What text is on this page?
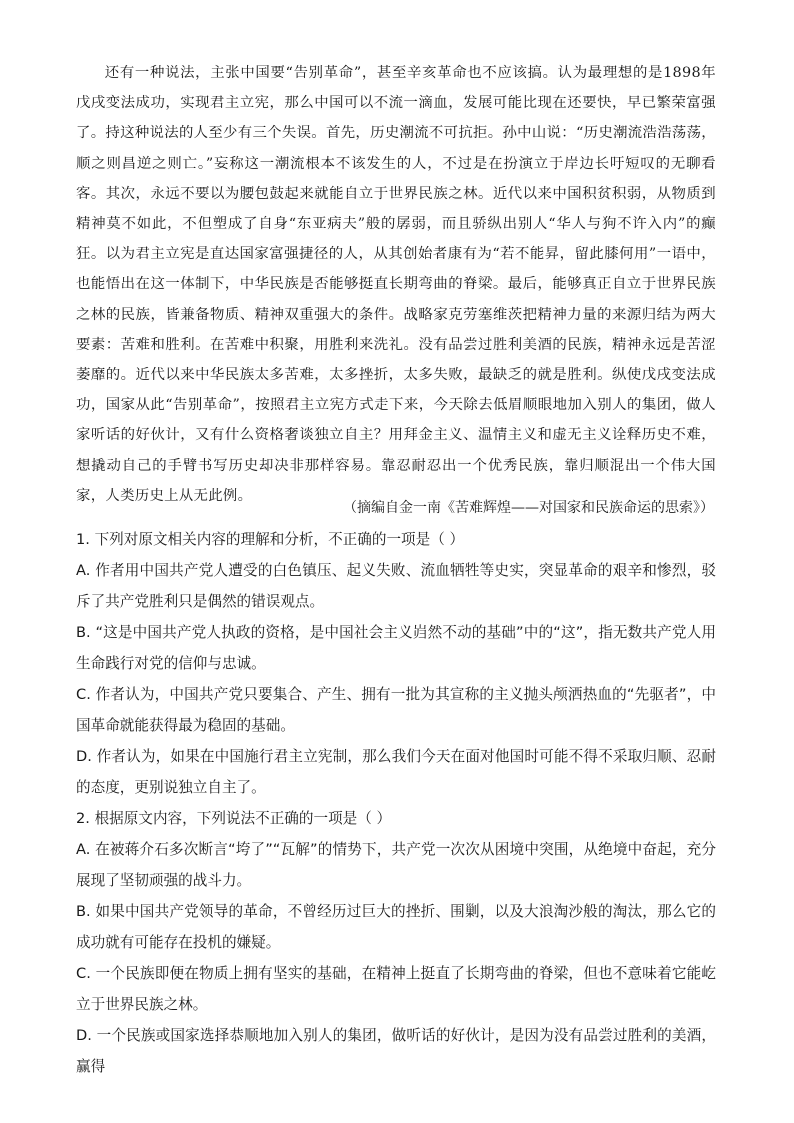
还有一种说法，主张中国要“告别革命”，甚至辛亥革命也不应该搞。认为最理想的是1898年戊戌变法成功，实现君主立宪，那么中国可以不流一滴血，发展可能比现在还要快，早已繁荣富强了。持这种说法的人至少有三个失误。首先，历史潮流不可抗拒。孙中山说：“历史潮流浩浩荡荡，顺之则昌逆之则亡。”妄称这一潮流根本不该发生的人，不过是在扮演立于岸边长吁短叹的无聊看客。其次，永远不要以为腰包鼓起来就能自立于世界民族之林。近代以来中国积贫积弱，从物质到精神莫不如此，不但塑成了自身“东亚病夫”般的孱弱，而且骄纵出别人“华人与狗不许入内”的癫狂。以为君主立宪是直达国家富强捷径的人，从其创始者康有为“若不能昇，留此膝何用”一语中，也能悟出在这一体制下，中华民族是否能够挺直长期弯曲的脊梁。最后，能够真正自立于世界民族之林的民族，皆兼备物质、精神双重强大的条件。战略家克劳塞维茨把精神力量的来源归结为两大要素：苦难和胜利。在苦难中积聚，用胜利来洗礼。没有品尝过胜利美酒的民族，精神永远是苦涩萎靡的。近代以来中华民族太多苦难，太多挫折，太多失败，最缺乏的就是胜利。纵使戊戌变法成功，国家从此“告别革命”，按照君主立宪方式走下来，今天除去低眉顺眼地加入别人的集团，做人家听话的好伙计，又有什么资格奢谈独立自主？用拜金主义、温情主义和虚无主义诠释历史不难，想撬动自己的手臂书写历史却决非那样容易。靠忍耐忍出一个优秀民族，靠归顺混出一个伟大国家，人类历史上从无此例。

（摘编自金一南《苦难辉煌——对国家和民族命运的思索》）

1. 下列对原文相关内容的理解和分析，不正确的一项是（ ）

A. 作者用中国共产党人遭受的白色镇压、起义失败、流血牺牲等史实，突显革命的艰辛和惨烈，驳斥了共产党胜利只是偶然的错误观点。

B. “这是中国共产党人执政的资格，是中国社会主义岿然不动的基础”中的“这”，指无数共产党人用生命践行对党的信仰与忠诚。

C. 作者认为，中国共产党只要集合、产生、拥有一批为其宣称的主义抛头颅洒热血的“先驱者”，中国革命就能获得最为稳固的基础。

D. 作者认为，如果在中国施行君主立宪制，那么我们今天在面对他国时可能不得不采取归顺、忍耐的态度，更别说独立自主了。

2. 根据原文内容，下列说法不正确的一项是（ ）

A. 在被蒋介石多次断言“垮了”“瓦解”的情势下，共产党一次次从困境中突围，从绝境中奋起，充分展现了坚韧顽强的战斗力。

B. 如果中国共产党领导的革命，不曾经历过巨大的挫折、围剿，以及大浪淘沙般的淘汰，那么它的成功就有可能存在投机的嫌疑。

C. 一个民族即便在物质上拥有坚实的基础，在精神上挺直了长期弯曲的脊梁，但也不意味着它能屹立于世界民族之林。

D. 一个民族或国家选择恭顺地加入别人的集团，做听话的好伙计，是因为没有品尝过胜利的美酒，赢得
